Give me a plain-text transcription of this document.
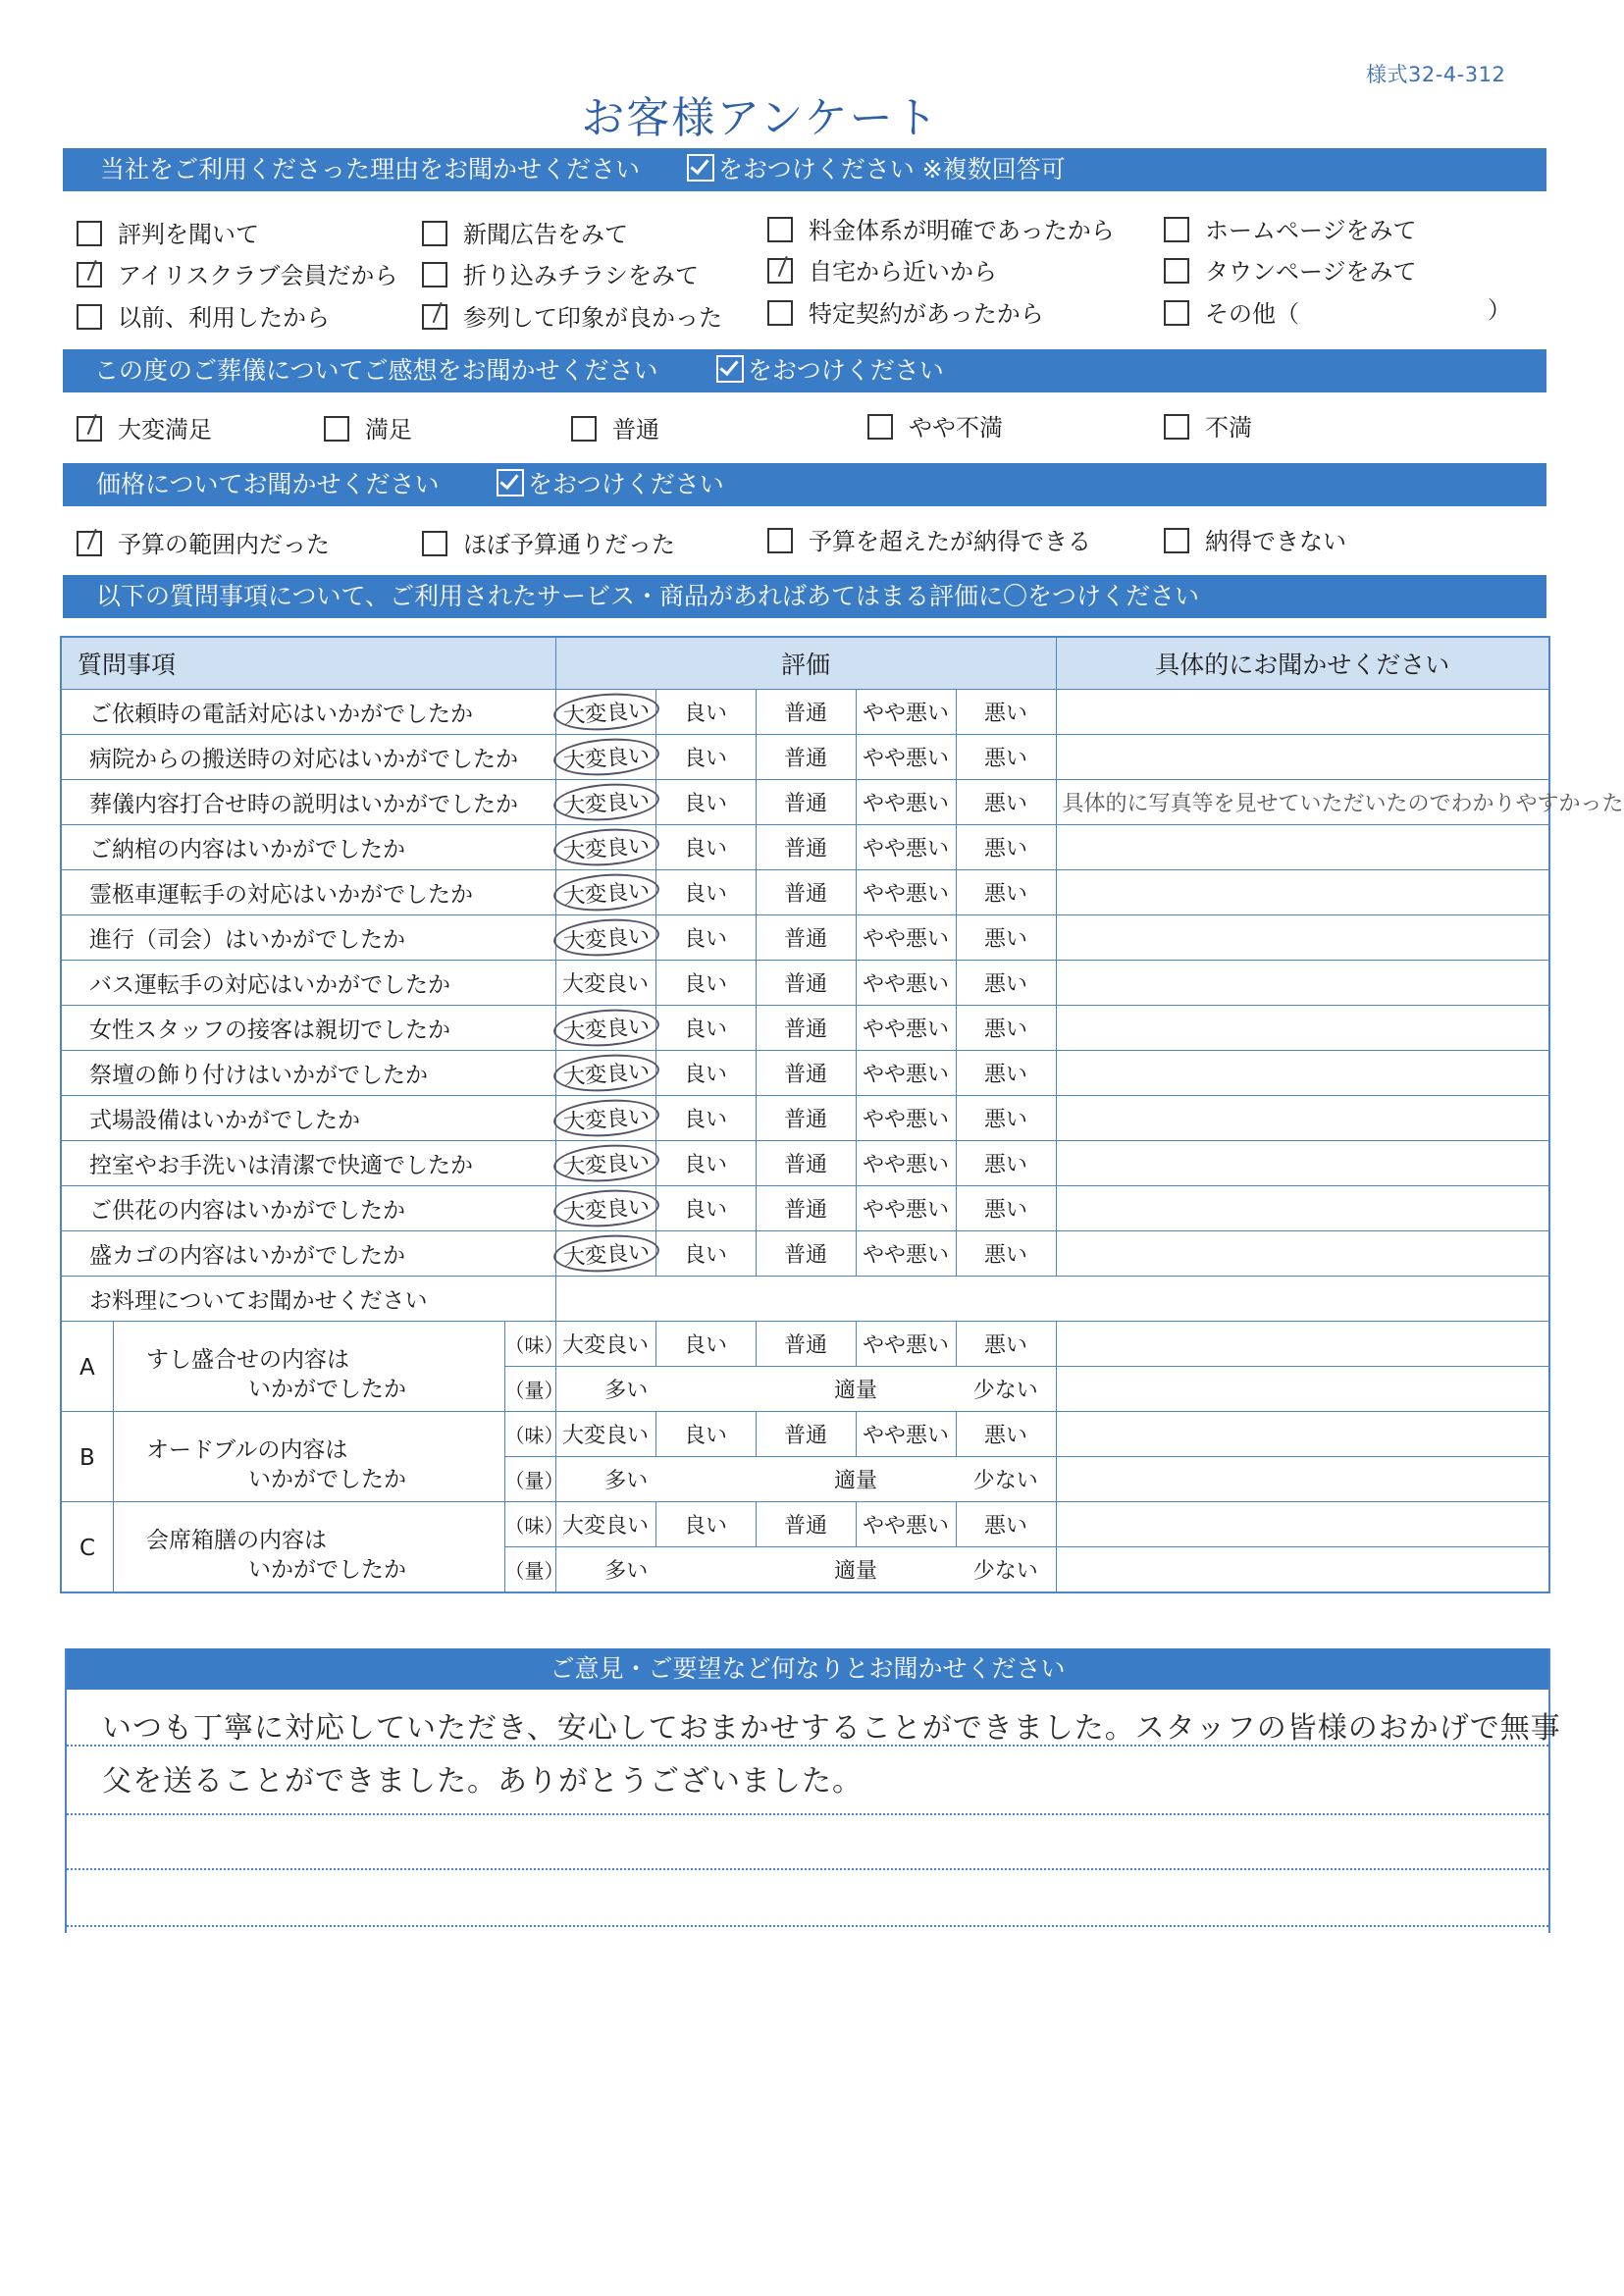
様式32-4-312
お客様アンケート
当社をご利用くださった理由をお聞かせください	をおつけください ※複数回答可
評判を聞いて	新聞広告をみて	料金体系が明確であったから	ホームページをみて
アイリスクラブ会員だから	折り込みチラシをみて	自宅から近いから	タウンページをみて
以前、利用したから	参列して印象が良かった	特定契約があったから	その他（	）
この度のご葬儀についてご感想をお聞かせください	をおつけください
大変満足	満足	普通	やや不満	不満
価格についてお聞かせください	をおつけください
予算の範囲内だった	ほぼ予算通りだった	予算を超えたが納得できる	納得できない
以下の質問事項について、ご利用されたサービス・商品があればあてはまる評価に〇をつけください
質問事項		評価					具体的にお聞かせください
ご依頼時の電話対応はいかがでしたか		大変良い	良い	普通	やや悪い	悪い	
病院からの搬送時の対応はいかがでしたか		大変良い	良い	普通	やや悪い	悪い	
葬儀内容打合せ時の説明はいかがでしたか		大変良い	良い	普通	やや悪い	悪い	具体的に写真等を見せていただいたのでわかりやすかった
ご納棺の内容はいかがでしたか		大変良い	良い	普通	やや悪い	悪い	
霊柩車運転手の対応はいかがでしたか		大変良い	良い	普通	やや悪い	悪い	
進行（司会）はいかがでしたか		大変良い	良い	普通	やや悪い	悪い	
バス運転手の対応はいかがでしたか		大変良い	良い	普通	やや悪い	悪い	
女性スタッフの接客は親切でしたか		大変良い	良い	普通	やや悪い	悪い	
祭壇の飾り付けはいかがでしたか		大変良い	良い	普通	やや悪い	悪い	
式場設備はいかがでしたか		大変良い	良い	普通	やや悪い	悪い	
控室やお手洗いは清潔で快適でしたか		大変良い	良い	普通	やや悪い	悪い	
ご供花の内容はいかがでしたか		大変良い	良い	普通	やや悪い	悪い	
盛カゴの内容はいかがでしたか		大変良い	良い	普通	やや悪い	悪い	
お料理についてお聞かせください							

A すし盛合せの内容は
いかがでしたか	（味）	大変良い	良い	普通	やや悪い	悪い	
	（量）	多い		適量		少ない	

B オードブルの内容は
いかがでしたか	（味）	大変良い	良い	普通	やや悪い	悪い	
	（量）	多い		適量		少ない	

C 会席箱膳の内容は
いかがでしたか	（味）	大変良い	良い	普通	やや悪い	悪い	
	（量）	多い		適量		少ない	
ご意見・ご要望など何なりとお聞かせください
いつも丁寧に対応していただき、安心しておまかせすることができました。スタッフの皆様のおかげで無事
父を送ることができました。ありがとうございました。
